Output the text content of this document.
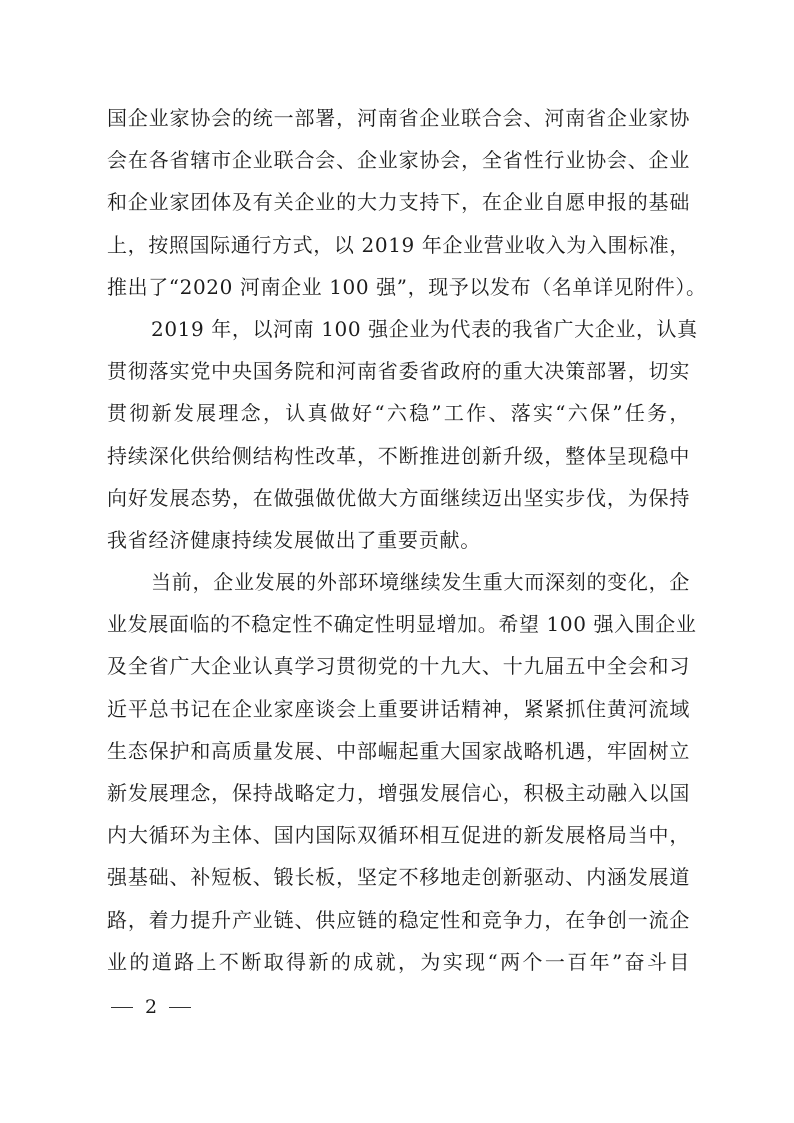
国企业家协会的统一部署，河南省企业联合会、河南省企业家协
会在各省辖市企业联合会、企业家协会，全省性行业协会、企业
和企业家团体及有关企业的大力支持下，在企业自愿申报的基础
上，按照国际通行方式，以 2019 年企业营业收入为入围标准，
推出了“2020 河南企业 100 强”，现予以发布（名单详见附件）。
2019 年，以河南 100 强企业为代表的我省广大企业，认真
贯彻落实党中央国务院和河南省委省政府的重大决策部署，切实
贯彻新发展理念，认真做好“六稳”工作、落实“六保”任务，
持续深化供给侧结构性改革，不断推进创新升级，整体呈现稳中
向好发展态势，在做强做优做大方面继续迈出坚实步伐，为保持
我省经济健康持续发展做出了重要贡献。
当前，企业发展的外部环境继续发生重大而深刻的变化，企
业发展面临的不稳定性不确定性明显增加。希望 100 强入围企业
及全省广大企业认真学习贯彻党的十九大、十九届五中全会和习
近平总书记在企业家座谈会上重要讲话精神，紧紧抓住黄河流域
生态保护和高质量发展、中部崛起重大国家战略机遇，牢固树立
新发展理念，保持战略定力，增强发展信心，积极主动融入以国
内大循环为主体、国内国际双循环相互促进的新发展格局当中，
强基础、补短板、锻长板，坚定不移地走创新驱动、内涵发展道
路，着力提升产业链、供应链的稳定性和竞争力，在争创一流企
业的道路上不断取得新的成就，为实现“两个一百年”奋斗目
2
